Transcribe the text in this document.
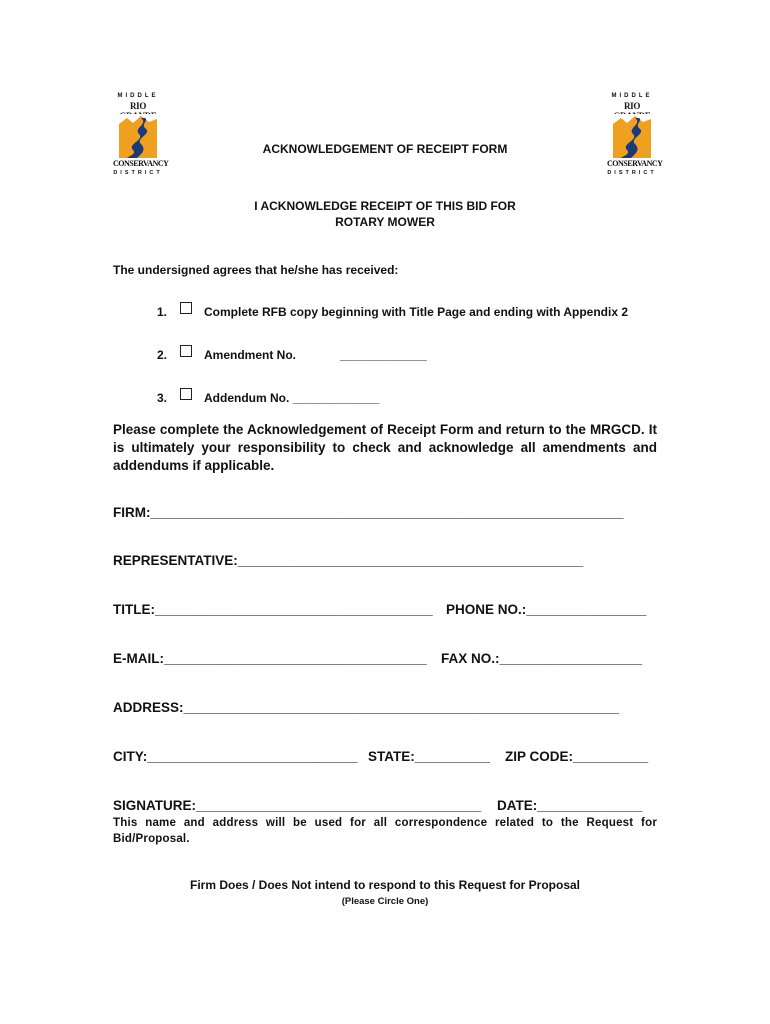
MIDDLE
RIO
CONSERVANCY
DISTRICT
MIDDLE
RIO
CONSERVANCY
DISTRICT
ACKNOWLEDGEMENT OF RECEIPT FORM
I ACKNOWLEDGE RECEIPT OF THIS BID FOR
ROTARY MOWER
The undersigned agrees that he/she has received:
1.	Complete RFB copy beginning with Title Page and ending with Appendix 2
2.	Amendment No.	_____________
3.	Addendum No. _____________
Please complete the Acknowledgement of Receipt Form and return to the MRGCD. It is ultimately your responsibility to check and acknowledge all amendments and addendums if applicable.
FIRM:_______________________________________________________________
REPRESENTATIVE:______________________________________________
TITLE:_____________________________________ PHONE NO.:________________
E-MAIL:___________________________________ FAX NO.:___________________
ADDRESS:__________________________________________________________
CITY:____________________________ STATE:__________ ZIP CODE:__________
SIGNATURE:______________________________________ DATE:______________
This name and address will be used for all correspondence related to the Request for Bid/Proposal.
Firm Does / Does Not intend to respond to this Request for Proposal
(Please Circle One)
